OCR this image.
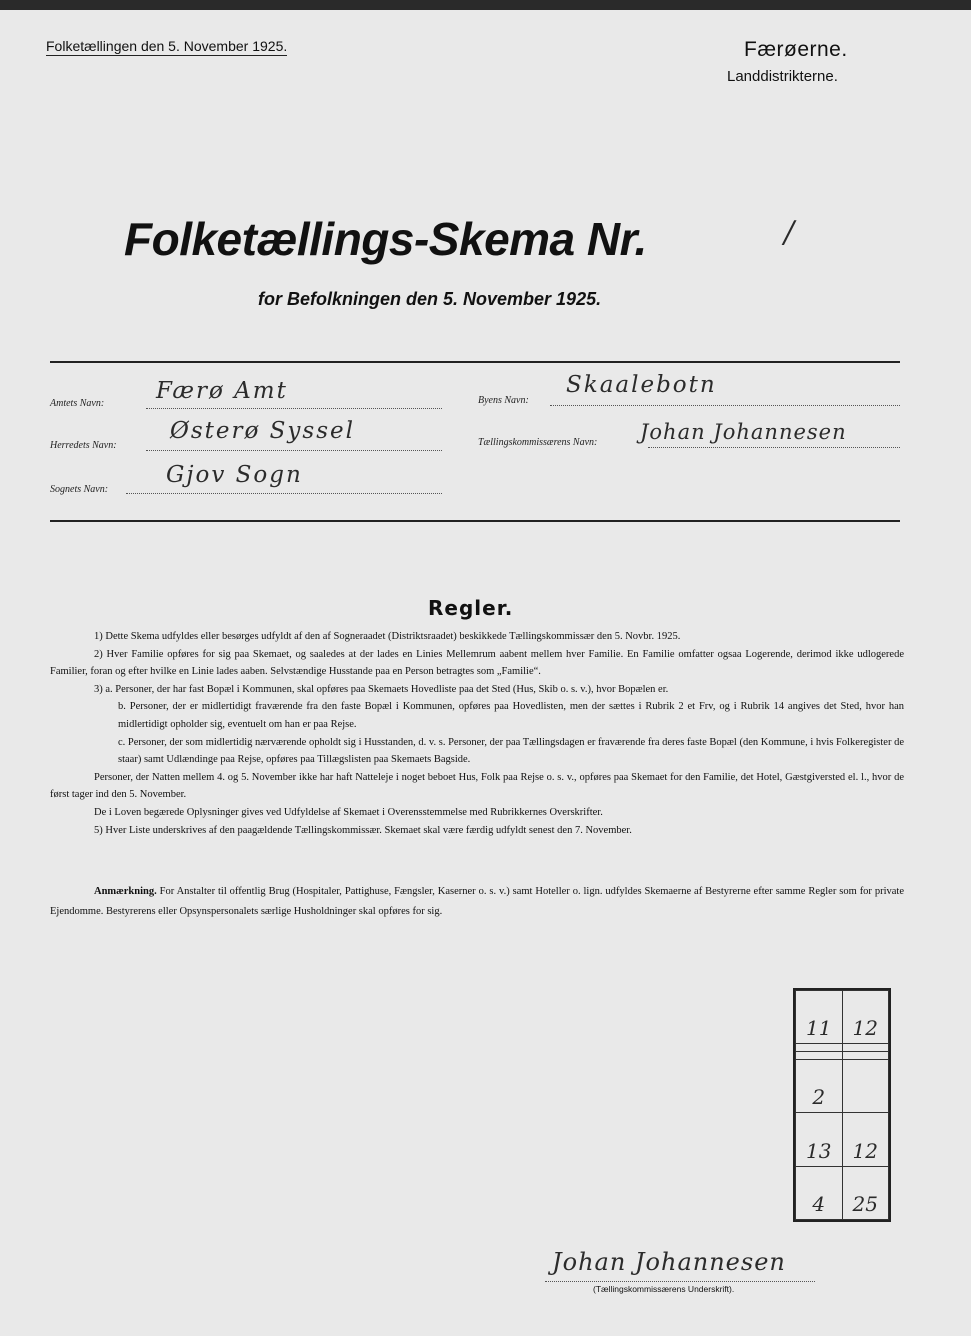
Folketællingen den 5. November 1925.	Færøerne.
Landdistrikterne.
Folketællings-Skema Nr.	/
for Befolkningen den 5. November 1925.
Amtets Navn: Færø Amt
Herredets Navn:
Østerø Syssel
Sognets Navn:
Gjov Sogn
Byens Navn:
Skaalebotn
Tællingskommissærens Navn: Johan Johannesen
Regler.

1) Dette Skema udfyldes eller besørges udfyldt af den af Sogneraadet (Distriktsraadet) beskikkede Tællingskommissær den 5. Novbr. 1925.

2) Hver Familie opføres for sig paa Skemaet, og saaledes at der lades en Linies Mellemrum aabent mellem hver Familie. En Familie omfatter ogsaa Logerende, derimod ikke udlogerede Familier, foran og efter hvilke en Linie lades aaben. Selvstændige Husstande paa en Person betragtes som „Familie“.

3) a. Personer, der har fast Bopæl i Kommunen, skal opføres paa Skemaets Hovedliste paa det Sted (Hus, Skib o. s. v.), hvor Bopælen er.

b. Personer, der er midlertidigt fraværende fra den faste Bopæl i Kommunen, opføres paa Hovedlisten, men der sættes i Rubrik 2 et Frv, og i Rubrik 14 angives det Sted, hvor han midlertidigt opholder sig, eventuelt om han er paa Rejse.

c. Personer, der som midlertidig nærværende opholdt sig i Husstanden, d. v. s. Personer, der paa Tællingsdagen er fraværende fra deres faste Bopæl (den Kommune, i hvis Folkeregister de staar) samt Udlændinge paa Rejse, opføres paa Tillægslisten paa Skemaets Bagside.

Personer, der Natten mellem 4. og 5. November ikke har haft Natteleje i noget beboet Hus, Folk paa Rejse o. s. v., opføres paa Skemaet for den Familie, det Hotel, Gæstgiversted el. l., hvor de først tager ind den 5. November.

De i Loven begærede Oplysninger gives ved Udfyldelse af Skemaet i Overensstemmelse med Rubrikkernes Overskrifter.

5) Hver Liste underskrives af den paagældende Tællingskommissær. Skemaet skal være færdig udfyldt senest den 7. November.

Anmærkning. For Anstalter til offentlig Brug (Hospitaler, Pattighuse, Fængsler, Kaserner o. s. v.) samt Hoteller o. lign. udfyldes Skemaerne af Bestyrerne efter samme Regler som for private Ejendomme. Bestyrerens eller Opsynspersonalets særlige Husholdninger skal opføres for sig.

11	12

2	
13	12
4	25
Johan Johannesen
(Tællingskommissærens Underskrift).
